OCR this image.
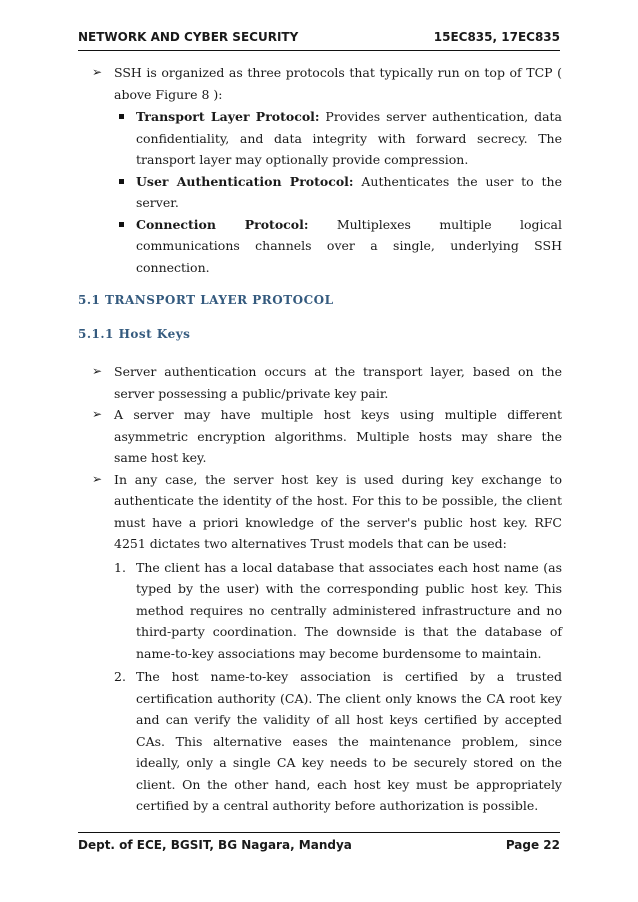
NETWORK AND CYBER SECURITY	15EC835, 17EC835
➢ SSH is organized as three protocols that typically run on top of TCP ( above Figure 8 ):
Transport Layer Protocol: Provides server authentication, data confidentiality, and data integrity with forward secrecy. The transport layer may optionally provide compression.
User Authentication Protocol: Authenticates the user to the server.
Connection Protocol: Multiplexes multiple logical communications channels over a single, underlying SSH connection.
5.1 TRANSPORT LAYER PROTOCOL
5.1.1 Host Keys
➢ Server authentication occurs at the transport layer, based on the server possessing a public/private key pair.
➢ A server may have multiple host keys using multiple different asymmetric encryption algorithms. Multiple hosts may share the same host key.
➢ In any case, the server host key is used during key exchange to authenticate the identity of the host. For this to be possible, the client must have a priori knowledge of the server's public host key. RFC 4251 dictates two alternatives Trust models that can be used:
1. The client has a local database that associates each host name (as typed by the user) with the corresponding public host key. This method requires no centrally administered infrastructure and no third-party coordination. The downside is that the database of name-to-key associations may become burdensome to maintain.
2. The host name-to-key association is certified by a trusted certification authority (CA). The client only knows the CA root key and can verify the validity of all host keys certified by accepted CAs. This alternative eases the maintenance problem, since ideally, only a single CA key needs to be securely stored on the client. On the other hand, each host key must be appropriately certified by a central authority before authorization is possible.
Dept. of ECE, BGSIT, BG Nagara, Mandya	Page 22
